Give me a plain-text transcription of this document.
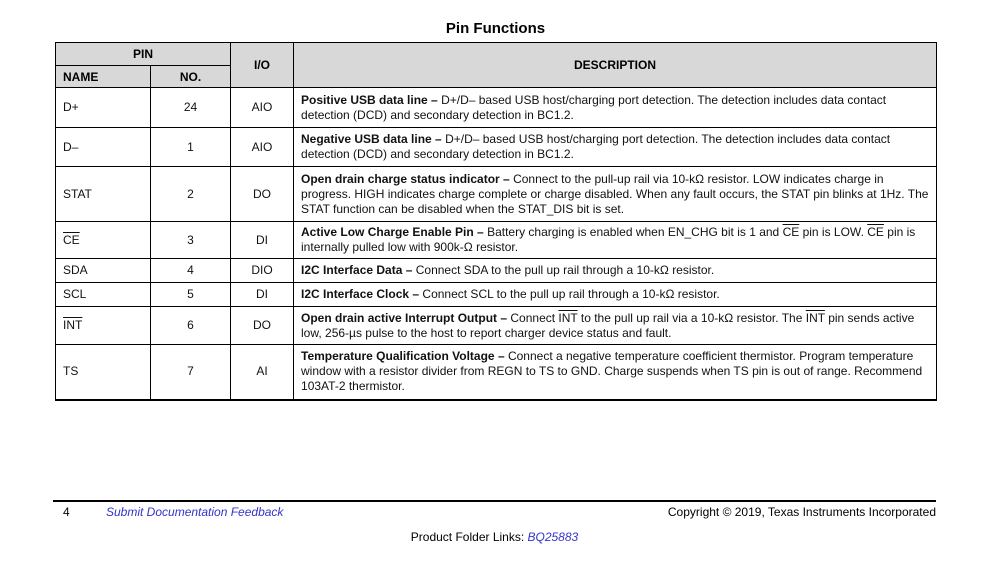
Pin Functions
PIN		I/O	DESCRIPTION
NAME	NO.		
D+	24	AIO	Positive USB data line – D+/D– based USB host/charging port detection. The detection includes data contact detection (DCD) and secondary detection in BC1.2.
D–	1	AIO	Negative USB data line – D+/D– based USB host/charging port detection. The detection includes data contact detection (DCD) and secondary detection in BC1.2.
STAT	2	DO	Open drain charge status indicator – Connect to the pull-up rail via 10-kΩ resistor. LOW indicates charge in progress. HIGH indicates charge complete or charge disabled. When any fault occurs, the STAT pin blinks at 1Hz. The STAT function can be disabled when the STAT_DIS bit is set.
$\overline{CE}$	3	DI	Active Low Charge Enable Pin – Battery charging is enabled when EN_CHG bit is 1 and $\overline{CE}$ pin is LOW. $\overline{CE}$ pin is internally pulled low with 900k-Ω resistor.
SDA	4	DIO	I2C Interface Data – Connect SDA to the pull up rail through a 10-kΩ resistor.
SCL	5	DI	I2C Interface Clock – Connect SCL to the pull up rail through a 10-kΩ resistor.
$\overline{INT}$	6	DO	Open drain active Interrupt Output – Connect $\overline{INT}$ to the pull up rail via a 10-kΩ resistor. The $\overline{INT}$ pin sends active low, 256-µs pulse to the host to report charger device status and fault.
TS	7	AI	Temperature Qualification Voltage – Connect a negative temperature coefficient thermistor. Program temperature window with a resistor divider from REGN to TS to GND. Charge suspends when TS pin is out of range. Recommend 103AT-2 thermistor.
4	Submit Documentation Feedback	Copyright © 2019, Texas Instruments Incorporated
Product Folder Links: BQ25883
